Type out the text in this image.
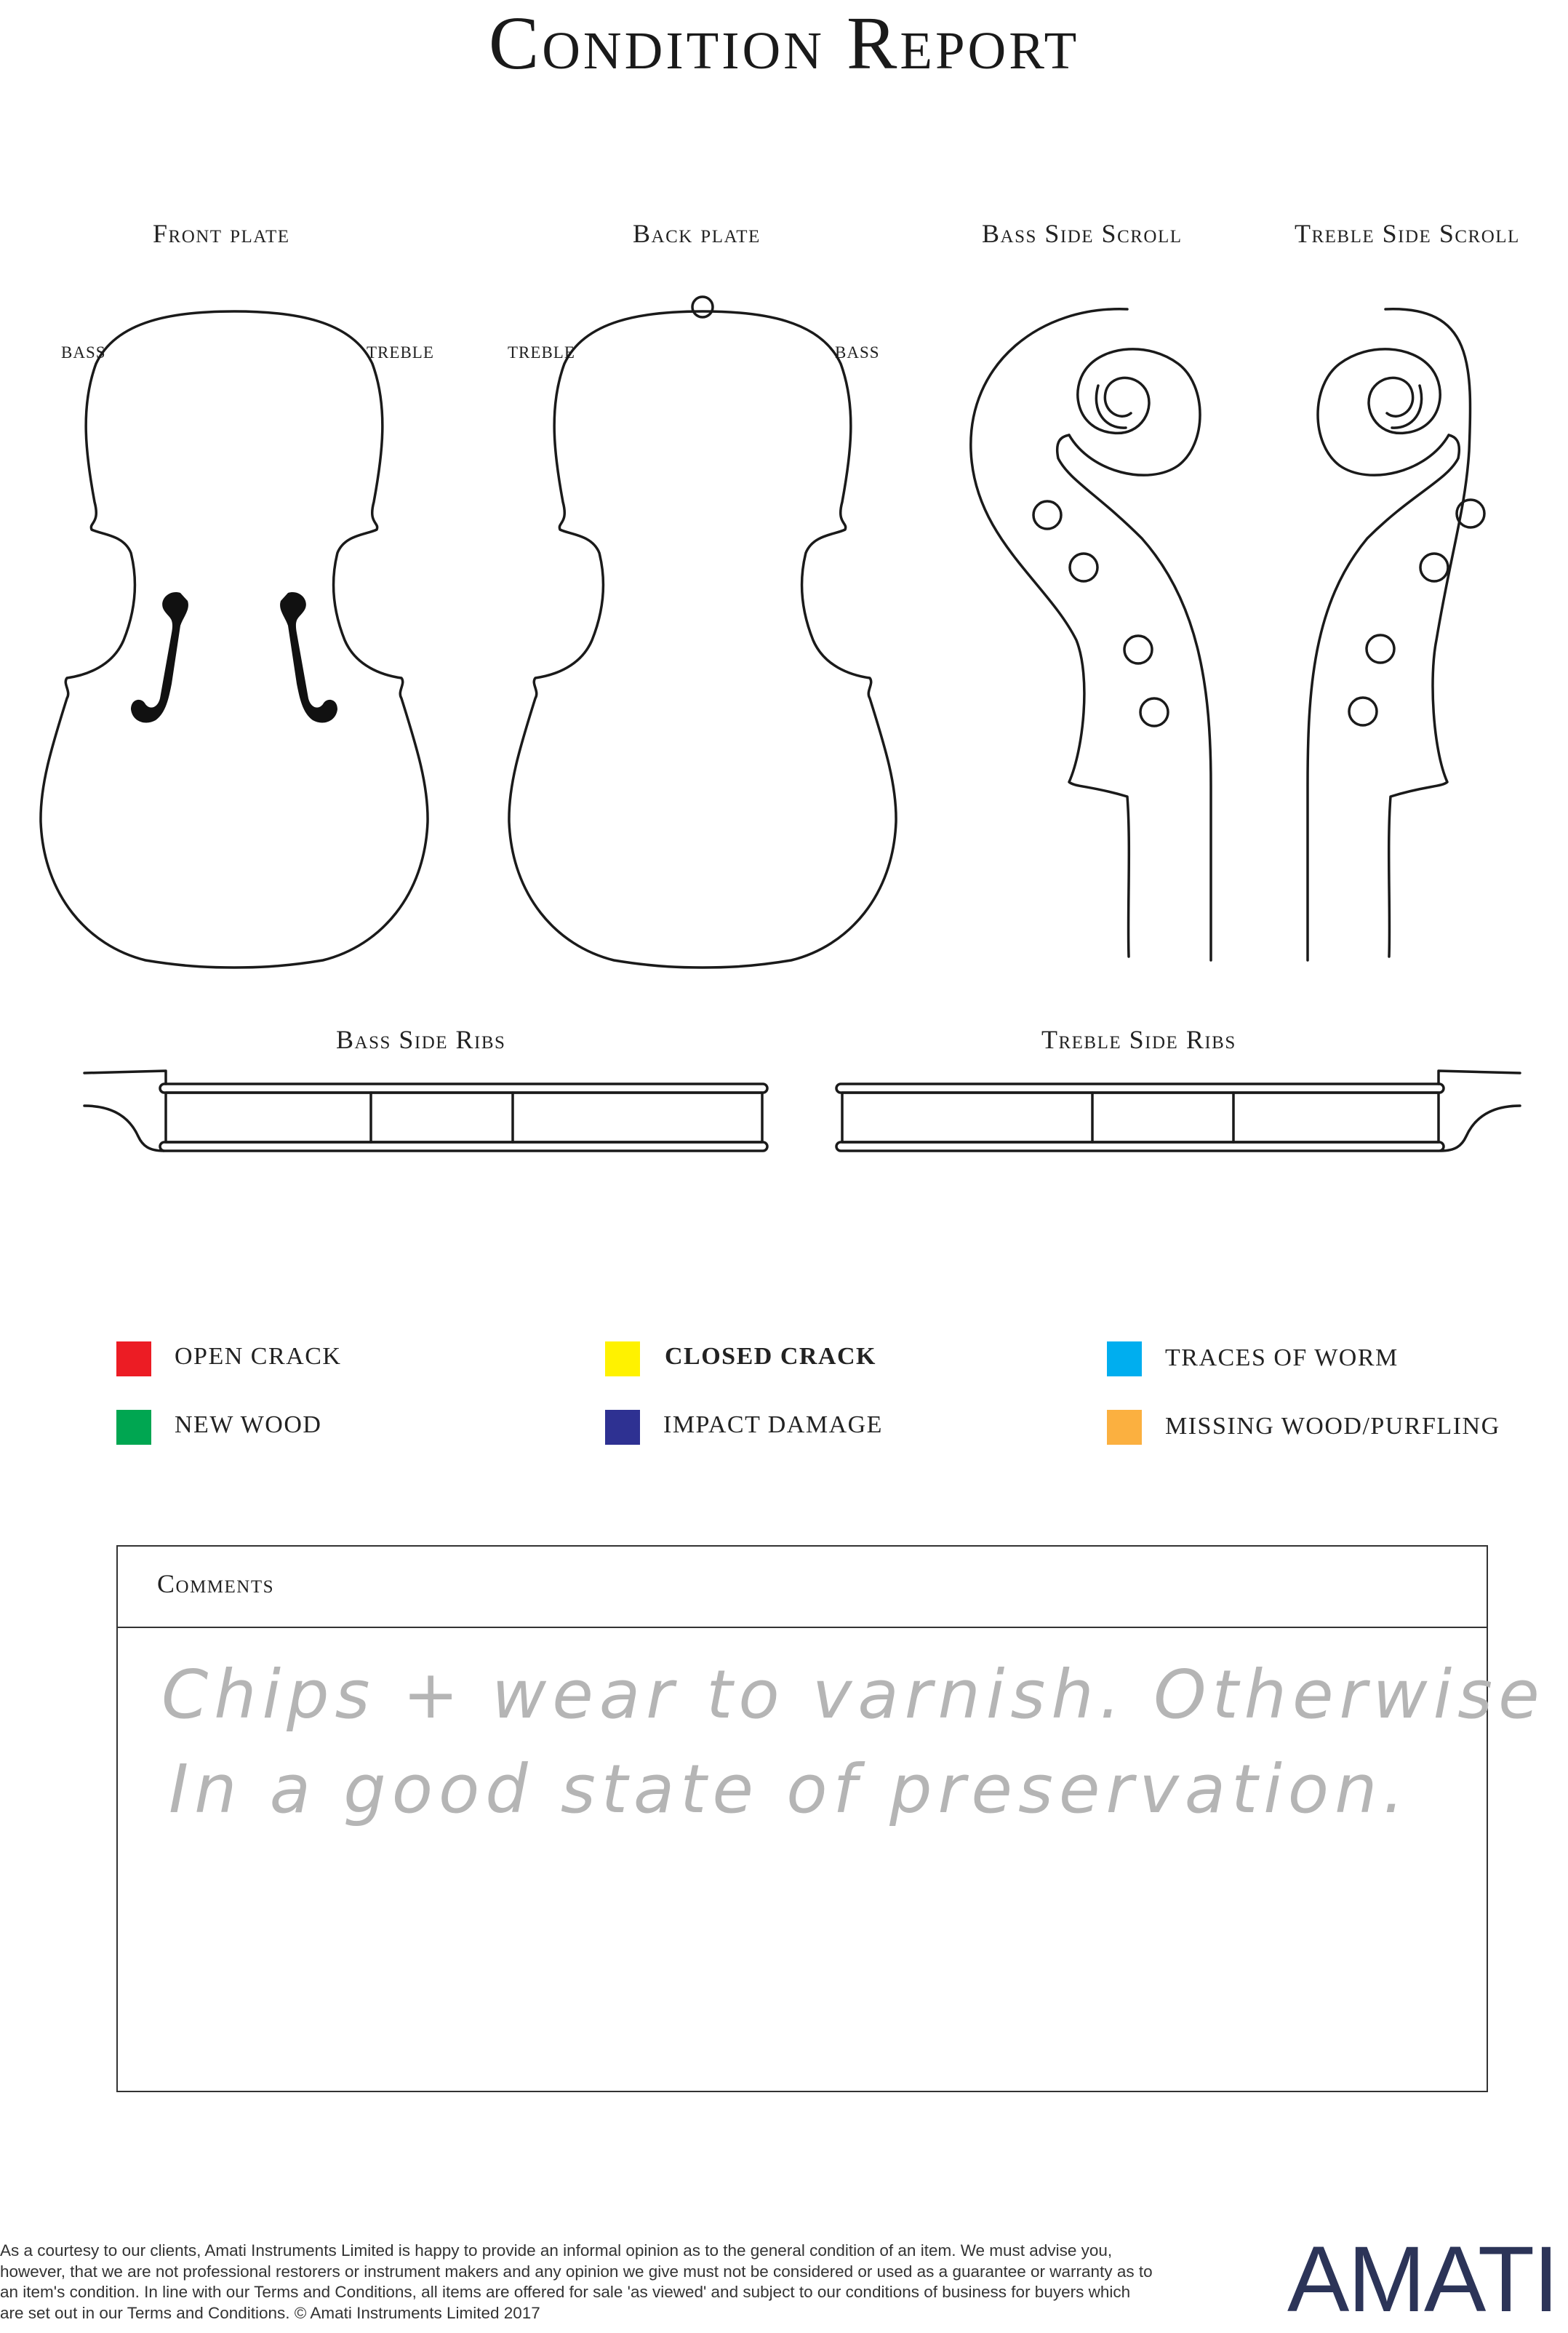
Condition Report
Front plate	Back plate	Bass Side Scroll	Treble Side Scroll
BASS	TREBLE	TREBLE	BASS
Bass Side Ribs	Treble Side Ribs
OPEN CRACK	CLOSED CRACK	TRACES OF WORM
NEW WOOD	IMPACT DAMAGE	MISSING WOOD/PURFLING
Comments
Chips + wear to varnish. Otherwise
In a good state of preservation.
As a courtesy to our clients, Amati Instruments Limited is happy to provide an informal opinion as to the general condition of an item. We must advise you, however, that we are not professional restorers or instrument makers and any opinion we give must not be considered or used as a guarantee or warranty as to an item's condition. In line with our Terms and Conditions, all items are offered for sale 'as viewed' and subject to our conditions of business for buyers which are set out in our Terms and Conditions. © Amati Instruments Limited 2017	AMATI
